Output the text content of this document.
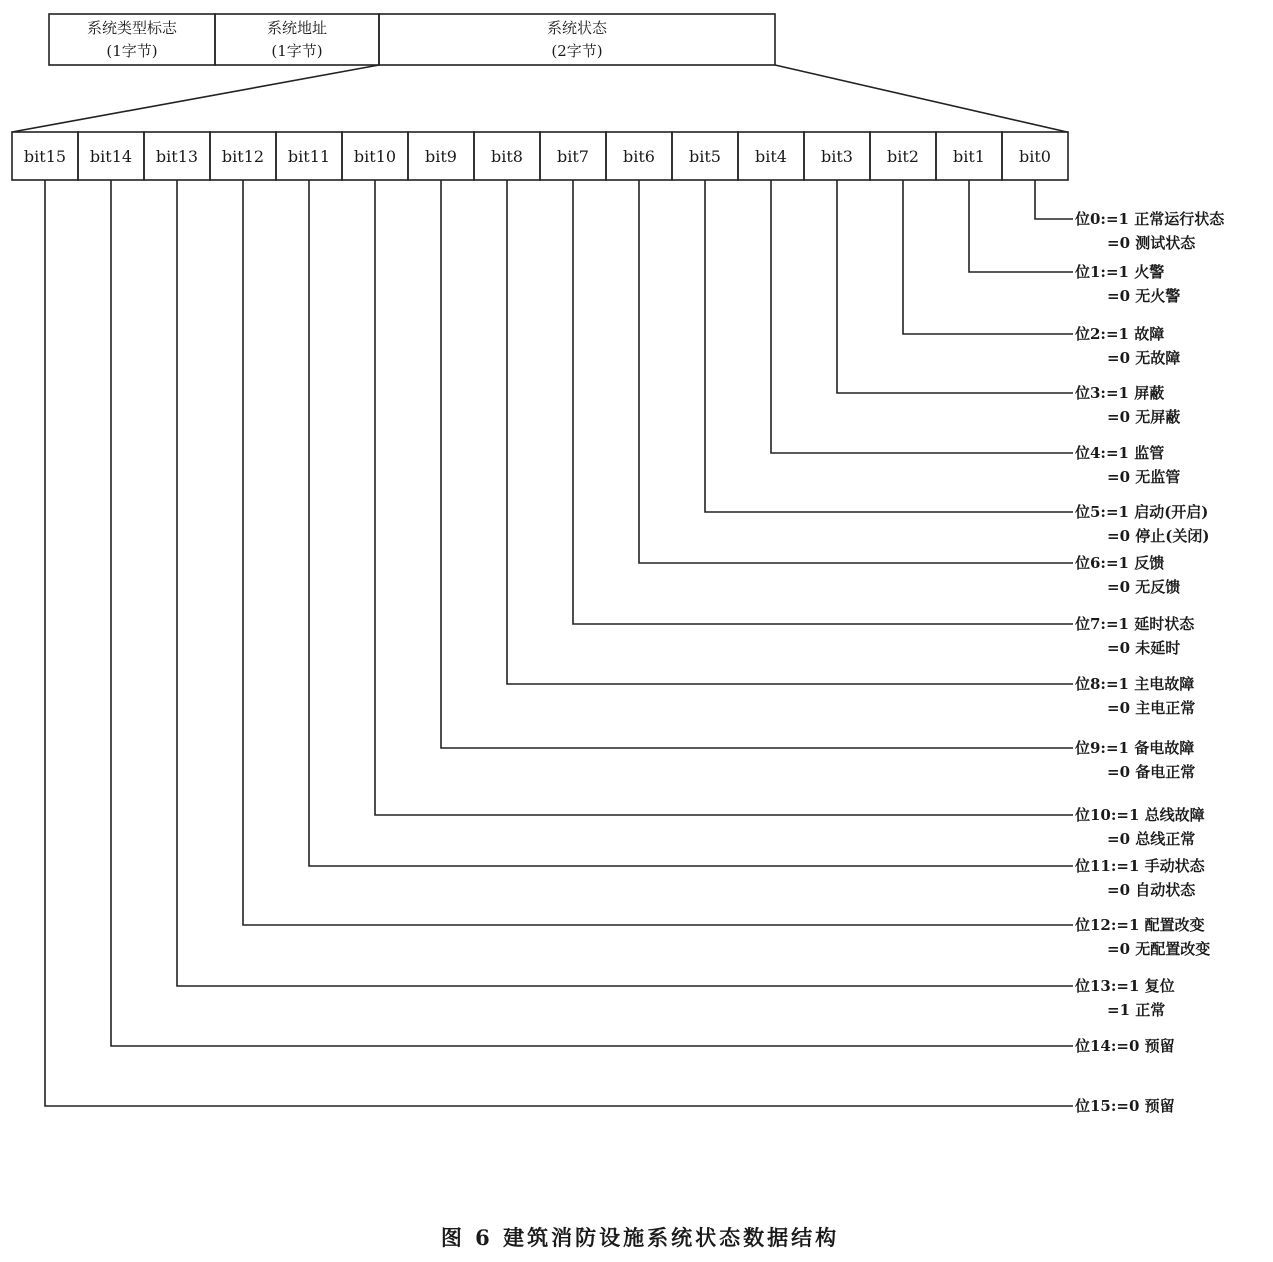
系统类型标志
(1字节)
系统地址
(1字节)
系统状态
(2字节)
bit15 bit14 bit13 bit12 bit11 bit10 bit9 bit8 bit7 bit6 bit5 bit4 bit3 bit2 bit1 bit0
位0:=1 正常运行状态
=0 测试状态
位1:=1 火警
=0 无火警
位2:=1 故障
=0 无故障
位3:=1 屏蔽
=0 无屏蔽
位4:=1 监管
=0 无监管
位5:=1 启动(开启)
=0 停止(关闭)
位6:=1 反馈
=0 无反馈
位7:=1 延时状态
=0 未延时
位8:=1 主电故障
=0 主电正常
位9:=1 备电故障
=0 备电正常
位10:=1 总线故障
=0 总线正常
位11:=1 手动状态
=0 自动状态
位12:=1 配置改变
=0 无配置改变
位13:=1 复位
=1 正常
位14:=0 预留
位15:=0 预留
图 6 建筑消防设施系统状态数据结构
